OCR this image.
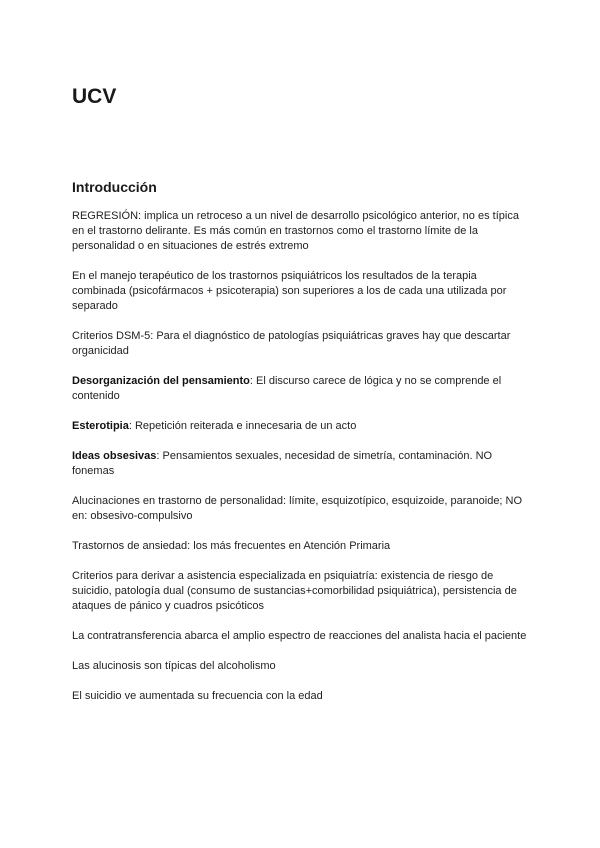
UCV
Introducción

REGRESIÓN: implica un retroceso a un nivel de desarrollo psicológico anterior, no es típica en el trastorno delirante. Es más común en trastornos como el trastorno límite de la personalidad o en situaciones de estrés extremo

En el manejo terapéutico de los trastornos psiquiátricos los resultados de la terapia combinada (psicofármacos + psicoterapia) son superiores a los de cada una utilizada por separado

Criterios DSM-5: Para el diagnóstico de patologías psiquiátricas graves hay que descartar organicidad

Desorganización del pensamiento: El discurso carece de lógica y no se comprende el contenido

Esterotipia: Repetición reiterada e innecesaria de un acto

Ideas obsesivas: Pensamientos sexuales, necesidad de simetría, contaminación. NO fonemas

Alucinaciones en trastorno de personalidad: límite, esquizotípico, esquizoide, paranoide; NO en: obsesivo-compulsivo

Trastornos de ansiedad: los más frecuentes en Atención Primaria

Criterios para derivar a asistencia especializada en psiquiatría: existencia de riesgo de suicidio, patología dual (consumo de sustancias+comorbilidad psiquiátrica), persistencia de ataques de pánico y cuadros psicóticos

La contratransferencia abarca el amplio espectro de reacciones del analista hacia el paciente

Las alucinosis son típicas del alcoholismo

El suicidio ve aumentada su frecuencia con la edad
